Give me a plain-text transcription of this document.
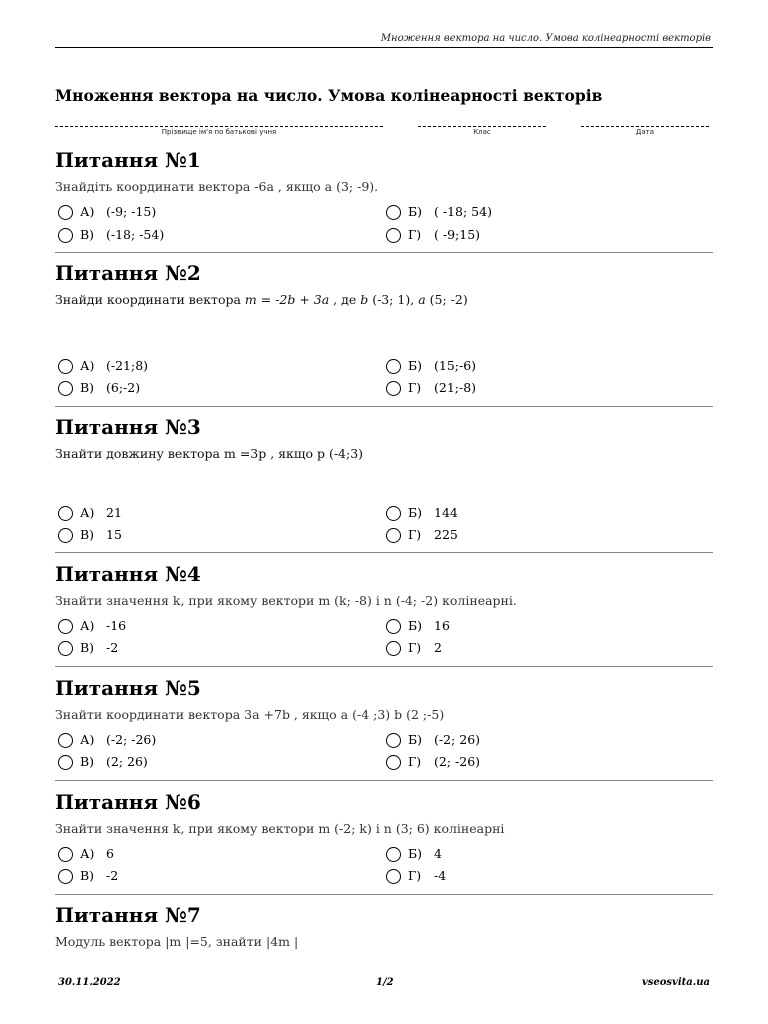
Множення вектора на число. Умова колінеарності векторів
Множення вектора на число. Умова колінеарності векторів
Прізвище ім'я по батькові учня	Клас	Дата
Питання №1
Знайдіть координати вектора -6a , якщо a (3; -9).
А) (-9; -15)	Б) ( -18; 54)
В) (-18; -54)	Г)	( -9;15)
Питання №2
Знайди координати вектора m = -2b + 3a , де b (-3; 1), a (5; -2)
А) (-21;8)	Б) (15;-6)
В) (6;-2)	Г)	(21;-8)
Питання №3
Знайти довжину вектора m =3p , якщо p (-4;3)
А) 21	Б) 144
В) 15	Г)	225
Питання №4
Знайти значення k, при якому вектори m (k; -8) і n (-4; -2) колінеарні.
А) -16	Б) 16
В) -2	Г)	2
Питання №5
Знайти координати вектора 3a +7b , якщо a (-4 ;3) b (2 ;-5)
А) (-2; -26)	Б) (-2; 26)
В) (2; 26)	Г)	(2; -26)
Питання №6
Знайти значення k, при якому вектори m (-2; k) і n (3; 6) колінеарні
А) 6	Б) 4
В) -2	Г)	-4
Питання №7
Модуль вектора |m |=5, знайти |4m |
30.11.2022	1/2	vseosvita.ua
